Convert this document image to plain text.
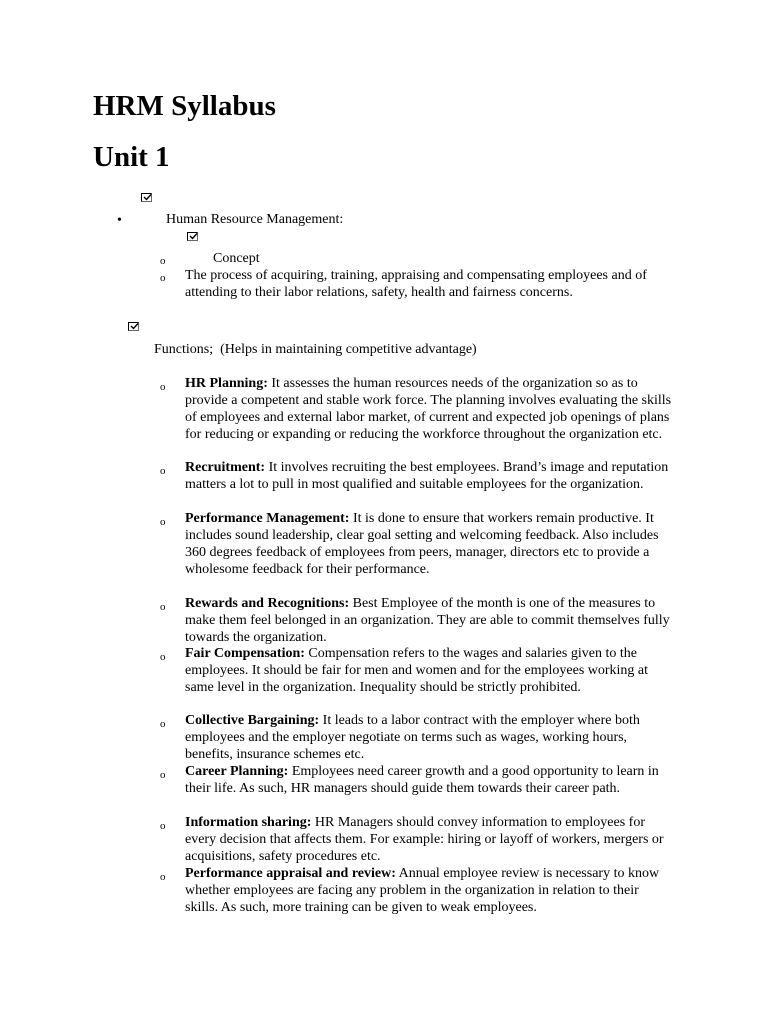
HRM Syllabus
Unit 1
•	Human Resource Management:
o	Concept
o The process of acquiring, training, appraising and compensating employees and of attending to their labor relations, safety, health and fairness concerns.
Functions;  (Helps in maintaining competitive advantage)
o HR Planning: It assesses the human resources needs of the organization so as to provide a competent and stable work force. The planning involves evaluating the skills of employees and external labor market, of current and expected job openings of plans for reducing or expanding or reducing the workforce throughout the organization etc.
o Recruitment: It involves recruiting the best employees. Brand’s image and reputation matters a lot to pull in most qualified and suitable employees for the organization.
o Performance Management: It is done to ensure that workers remain productive. It includes sound leadership, clear goal setting and welcoming feedback. Also includes 360 degrees feedback of employees from peers, manager, directors etc to provide a wholesome feedback for their performance.
o Rewards and Recognitions: Best Employee of the month is one of the measures to make them feel belonged in an organization. They are able to commit themselves fully towards the organization.
o Fair Compensation: Compensation refers to the wages and salaries given to the employees. It should be fair for men and women and for the employees working at same level in the organization. Inequality should be strictly prohibited.
o Collective Bargaining: It leads to a labor contract with the employer where both employees and the employer negotiate on terms such as wages, working hours, benefits, insurance schemes etc.
o Career Planning: Employees need career growth and a good opportunity to learn in their life. As such, HR managers should guide them towards their career path.
o Information sharing: HR Managers should convey information to employees for every decision that affects them. For example: hiring or layoff of workers, mergers or acquisitions, safety procedures etc.
o Performance appraisal and review: Annual employee review is necessary to know whether employees are facing any problem in the organization in relation to their skills. As such, more training can be given to weak employees.
